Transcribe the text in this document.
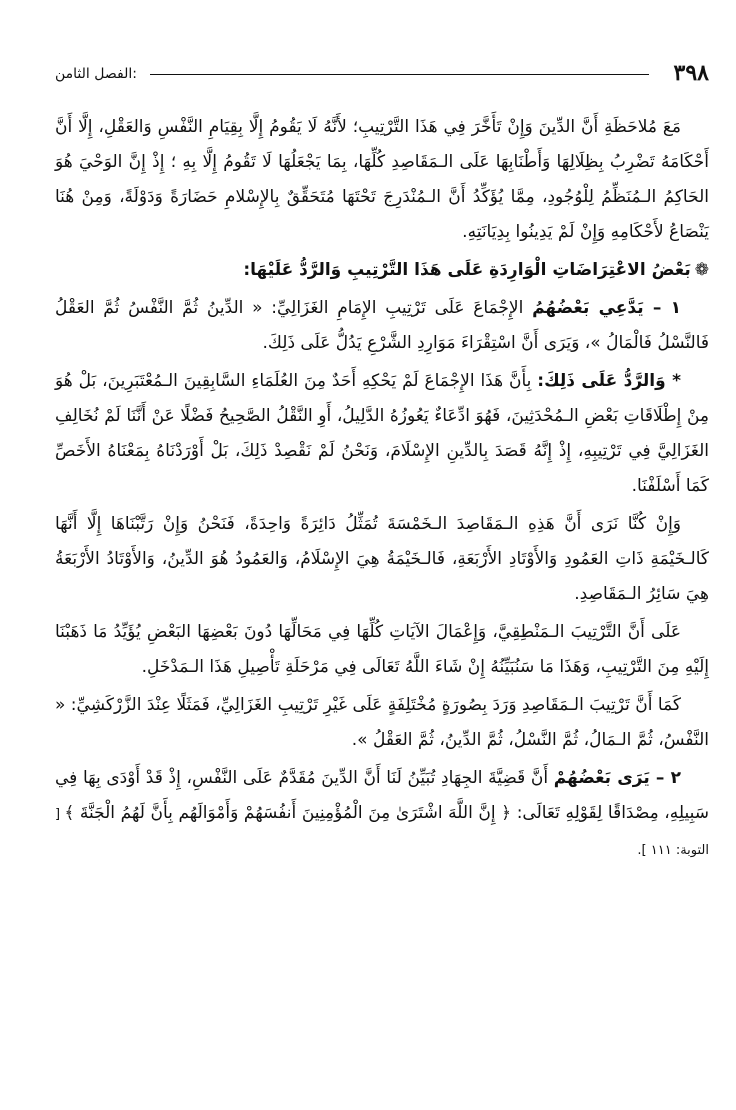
الفصل الثامن:	٣٩٨

مَعَ مُلاحَظَةِ أَنَّ الدِّينَ وَإِنْ تَأَخَّرَ فِي هَذَا التَّرْتِيبِ؛ لأَنَّهُ لَا يَقُومُ إِلَّا بِقِيَامِ النَّفْسِ وَالعَقْلِ، إِلَّا أَنَّ أَحْكَامَهُ تَضْرِبُ بِظِلَالِهَا وَأَطْنَابِهَا عَلَى الـمَقَاصِدِ كُلِّهَا، بِمَا يَجْعَلُهَا لَا تَقُومُ إِلَّا بِهِ ؛ إِذْ إِنَّ الوَحْيَ هُوَ الحَاكِمُ الـمُنَظِّمُ لِلْوُجُودِ، مِمَّا يُؤَكِّدُ أَنَّ الـمُنْدَرِجَ تَحْتَهَا مُتَحَقِّقٌ بِالإِسْلامِ حَضَارَةً وَدَوْلَةً، وَمِنْ هُنَا يَنْصَاعُ لأَحْكَامِهِ وَإِنْ لَمْ يَدِينُوا بِدِيَانَتِهِ.

❁بَعْضُ الاعْتِرَاضَاتِ الْوَارِدَةِ عَلَى هَذَا التَّرْتِيبِ وَالرَّدُّ عَلَيْهَا:

١ – يَدَّعِي بَعْضُهُمُ الإِجْمَاعَ عَلَى تَرْتِيبِ الإِمَامِ الغَزَالِيِّ: « الدِّينُ ثُمَّ النَّفْسُ ثُمَّ العَقْلُ فَالنَّسْلُ فَالْمَالُ »، وَيَرَى أَنَّ اسْتِقْرَاءَ مَوَارِدِ الشَّرْعِ يَدُلُّ عَلَى ذَلِكَ.

* وَالرَّدُّ عَلَى ذَلِكَ: بِأَنَّ هَذَا الإِجْمَاعَ لَمْ يَحْكِهِ أَحَدٌ مِنَ العُلَمَاءِ السَّابِقِينَ الـمُعْتَبَرِينَ، بَلْ هُوَ مِنْ إِطْلَاقَاتِ بَعْضِ الـمُحْدَثِينَ، فَهُوَ ادِّعَاءٌ يَعُوزُهُ الدَّلِيلُ، أَوِ النَّقْلُ الصَّحِيحُ فَضْلًا عَنْ أَنَّنَا لَمْ نُخَالِفِ الغَزَالِيَّ فِي تَرْتِيبِهِ، إِذْ إِنَّهُ قَصَدَ بِالدِّينِ الإِسْلَامَ، وَنَحْنُ لَمْ نَقْصِدْ ذَلِكَ، بَلْ أَوْرَدْنَاهُ بِمَعْنَاهُ الأَخَصِّ كَمَا أَسْلَفْنَا.

وَإِنْ كُنَّا نَرَى أَنَّ هَذِهِ الـمَقَاصِدَ الـخَمْسَةَ تُمَثِّلُ دَائِرَةً وَاحِدَةً، فَنَحْنُ وَإِنْ رَتَّبْنَاهَا إِلَّا أَنَّهَا كَالـخَيْمَةِ ذَاتِ العَمُودِ وَالأَوْتَادِ الأَرْبَعَةِ، فَالـخَيْمَةُ هِيَ الإِسْلَامُ، وَالعَمُودُ هُوَ الدِّينُ، وَالأَوْتَادُ الأَرْبَعَةُ هِيَ سَائِرُ الـمَقَاصِدِ.

عَلَى أَنَّ التَّرْتِيبَ الـمَنْطِقِيَّ، وَإِعْمَالَ الآيَاتِ كُلِّهَا فِي مَحَالِّهَا دُونَ بَعْضِهَا البَعْضِ يُؤَيِّدُ مَا ذَهَبْنَا إِلَيْهِ مِنَ التَّرْتِيبِ، وَهَذَا مَا سَنُبَيِّنُهُ إِنْ شَاءَ اللَّهُ تَعَالَى فِي مَرْحَلَةِ تَأْصِيلِ هَذَا الـمَدْخَلِ.

كَمَا أَنَّ تَرْتِيبَ الـمَقَاصِدِ وَرَدَ بِصُورَةٍ مُخْتَلِفَةٍ عَلَى غَيْرِ تَرْتِيبِ الغَزَالِيِّ، فَمَثَلًا عِنْدَ الزَّرْكَشِيِّ: « النَّفْسُ، ثُمَّ الـمَالُ، ثُمَّ النَّسْلُ، ثُمَّ الدِّينُ، ثُمَّ العَقْلُ ».

٢ – يَرَى بَعْضُهُمْ أَنَّ قَضِيَّةَ الجِهَادِ تُبَيِّنُ لَنَا أَنَّ الدِّينَ مُقَدَّمٌ عَلَى النَّفْسِ، إِذْ قَدْ أَوْدَى بِهَا فِي سَبِيلِهِ، مِصْدَاقًا لِقَوْلِهِ تَعَالَى: ﴿ إِنَّ اللَّهَ اشْتَرَىٰ مِنَ الْمُؤْمِنِينَ أَنفُسَهُمْ وَأَمْوَالَهُم بِأَنَّ لَهُمُ الْجَنَّةَ ﴾ [ التوبة: ١١١ ].
